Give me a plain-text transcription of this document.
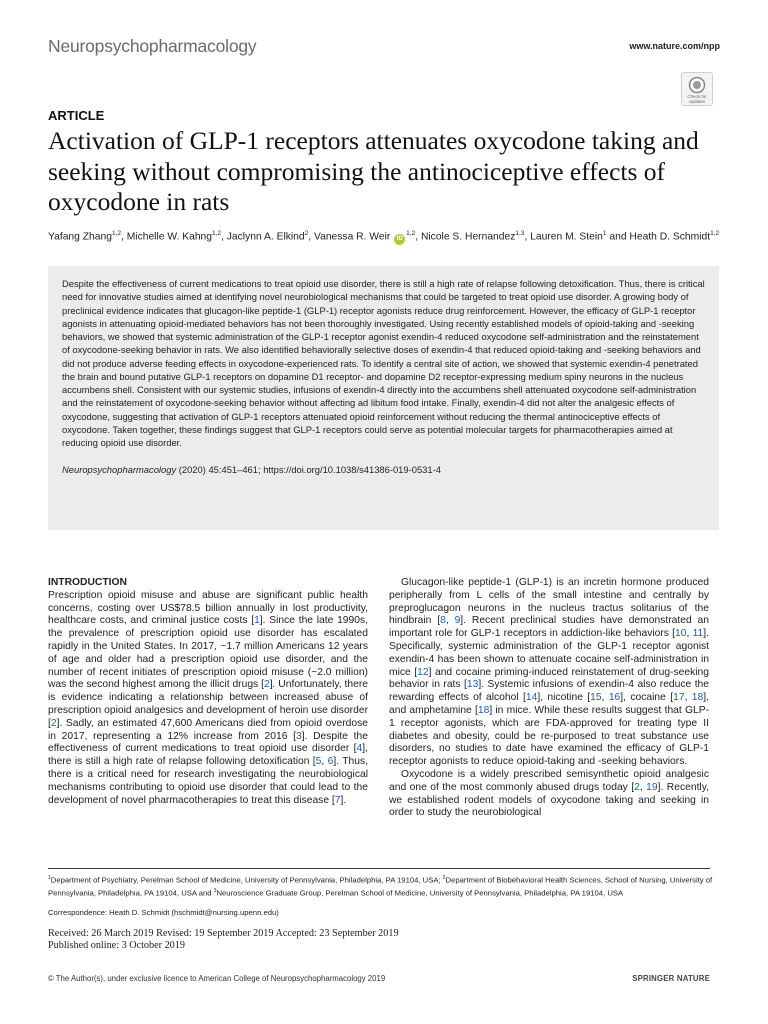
Neuropsychopharmacology	www.nature.com/npp
Check for updates
ARTICLE
Activation of GLP-1 receptors attenuates oxycodone taking and seeking without compromising the antinociceptive effects of oxycodone in rats
Yafang Zhang$^{1,2}$, Michelle W. Kahng$^{1,2}$, Jaclynn A. Elkind$^2$, Vanessa R. Weir iD$^{1,2}$, Nicole S. Hernandez$^{1,3}$, Lauren M. Stein$^1$ and Heath D. Schmidt$^{1,2}$
Despite the effectiveness of current medications to treat opioid use disorder, there is still a high rate of relapse following detoxification. Thus, there is critical need for innovative studies aimed at identifying novel neurobiological mechanisms that could be targeted to treat opioid use disorder. A growing body of preclinical evidence indicates that glucagon-like peptide-1 (GLP-1) receptor agonists reduce drug reinforcement. However, the efficacy of GLP-1 receptor agonists in attenuating opioid-mediated behaviors has not been thoroughly investigated. Using recently established models of opioid-taking and -seeking behaviors, we showed that systemic administration of the GLP-1 receptor agonist exendin-4 reduced oxycodone self-administration and the reinstatement of oxycodone-seeking behavior in rats. We also identified behaviorally selective doses of exendin-4 that reduced opioid-taking and -seeking behaviors and did not produce adverse feeding effects in oxycodone-experienced rats. To identify a central site of action, we showed that systemic exendin-4 penetrated the brain and bound putative GLP-1 receptors on dopamine D1 receptor- and dopamine D2 receptor-expressing medium spiny neurons in the nucleus accumbens shell. Consistent with our systemic studies, infusions of exendin-4 directly into the accumbens shell attenuated oxycodone self-administration and the reinstatement of oxycodone-seeking behavior without affecting ad libitum food intake. Finally, exendin-4 did not alter the analgesic effects of oxycodone, suggesting that activation of GLP-1 receptors attenuated opioid reinforcement without reducing the thermal antinociceptive effects of oxycodone. Taken together, these findings suggest that GLP-1 receptors could serve as potential molecular targets for pharmacotherapies aimed at reducing opioid use disorder.
Neuropsychopharmacology (2020) 45:451–461; https://doi.org/10.1038/s41386-019-0531-4
INTRODUCTION
Prescription opioid misuse and abuse are significant public health concerns, costing over US$78.5 billion annually in lost productivity, healthcare costs, and criminal justice costs [1]. Since the late 1990s, the prevalence of prescription opioid use disorder has escalated rapidly in the United States. In 2017, ~1.7 million Americans 12 years of age and older had a prescription opioid use disorder, and the number of recent initiates of prescription opioid misuse (~2.0 million) was the second highest among the illicit drugs [2]. Unfortunately, there is evidence indicating a relationship between increased abuse of prescription opioid analgesics and development of heroin use disorder [2]. Sadly, an estimated 47,600 Americans died from opioid overdose in 2017, representing a 12% increase from 2016 [3]. Despite the effectiveness of current medications to treat opioid use disorder [4], there is still a high rate of relapse following detoxification [5, 6]. Thus, there is a critical need for research investigating the neurobiological mechanisms contributing to opioid use disorder that could lead to the development of novel pharmacotherapies to treat this disease [7].
Glucagon-like peptide-1 (GLP-1) is an incretin hormone produced peripherally from L cells of the small intestine and centrally by preproglucagon neurons in the nucleus tractus solitarius of the hindbrain [8, 9]. Recent preclinical studies have demonstrated an important role for GLP-1 receptors in addiction-like behaviors [10, 11]. Specifically, systemic administration of the GLP-1 receptor agonist exendin-4 has been shown to attenuate cocaine self-administration in mice [12] and cocaine priming-induced reinstatement of drug-seeking behavior in rats [13]. Systemic infusions of exendin-4 also reduce the rewarding effects of alcohol [14], nicotine [15, 16], cocaine [17, 18], and amphetamine [18] in mice. While these results suggest that GLP-1 receptor agonists, which are FDA-approved for treating type II diabetes and obesity, could be re-purposed to treat substance use disorders, no studies to date have examined the efficacy of GLP-1 receptor agonists to reduce opioid-taking and -seeking behaviors.
Oxycodone is a widely prescribed semisynthetic opioid analgesic and one of the most commonly abused drugs today [2, 19]. Recently, we established rodent models of oxycodone taking and seeking in order to study the neurobiological
$^1$Department of Psychiatry, Perelman School of Medicine, University of Pennsylvania, Philadelphia, PA 19104, USA; $^2$Department of Biobehavioral Health Sciences, School of Nursing, University of Pennsylvania, Philadelphia, PA 19104, USA and $^3$Neuroscience Graduate Group, Perelman School of Medicine, University of Pennsylvania, Philadelphia, PA 19104, USA
Correspondence: Heath D. Schmidt (hschmidt@nursing.upenn.edu)
Received: 26 March 2019 Revised: 19 September 2019 Accepted: 23 September 2019
Published online: 3 October 2019
© The Author(s), under exclusive licence to American College of Neuropsychopharmacology 2019	SPRINGER NATURE
